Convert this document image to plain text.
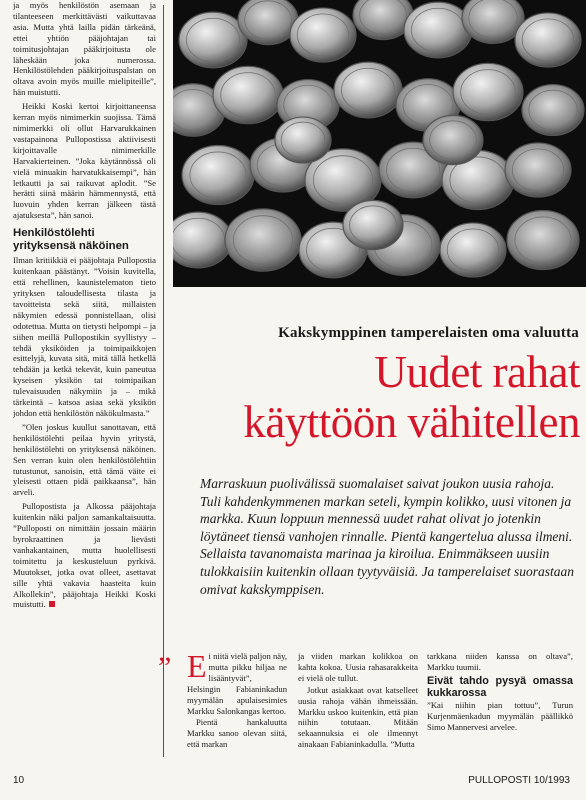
ja myös henkilöstön asemaan ja tilanteeseen merkittävästi vaikuttavaa asia. Mutta yhtä lailla pidän tärkeänä, ettei yhtiön pääjohtajan tai toimitusjohtajan pääkirjoitusta ole läheskään joka numerossa. Henkilöstölehden pääkirjoituspalstan on oltava avoin myös muille mielipiteille”, hän muistutti.

Heikki Koski kertoi kirjoittaneensa kerran myös nimimerkin suojissa. Tämä nimimerkki oli ollut Harvarukkainen vastapainona Pullopostissa aktiivisesti kirjoittavalle nimimerkille Harvakierteinen. ”Joka käytännössä oli vielä minuakin harvatukkaisempi”, hän letkautti ja sai raikuvat aplodit. ”Se herätti siinä määrin hämmennystä, että luovuin yhden kerran jälkeen tästä ajatuksesta”, hän sanoi.

Henkilöstölehti yrityksensä näköinen

Ilman kritiikkiä ei pääjohtaja Pullopostia kuitenkaan päästänyt. ”Voisin kuvitella, että rehellinen, kaunistelematon tieto yrityksen taloudellisesta tilasta ja tavoitteista sekä siitä, millaisten näkymien edessä ponnistellaan, olisi odotettua. Mutta on tietysti helpompi – ja siihen meillä Pullopostikin syyllistyy – tehdä yksiköiden ja toimipaikkojen esittelyjä, kuvata sitä, mitä tällä hetkellä tehdään ja ketkä tekevät, kuin paneutua kyseisen yksikön tai toimipaikan tulevaisuuden näkymiin ja – mikä tärkeintä – katsoa asiaa sekä yksikön johdon että henkilöstön näkökulmasta.”

”Olen joskus kuullut sanottavan, että henkilöstölehti peilaa hyvin yritystä, henkilöstölehti on yrityksensä näköinen. Sen verran kuin olen henkilöstölehtiin tutustunut, sanoisin, että tämä väite ei yleisesti ottaen pidä paikkaansa”, hän arveli.

Pullopostista ja Alkossa pääjohtaja kuitenkin näki paljon samankaltaisuutta. ”Pulloposti on nimittäin jossain määrin byrokraattinen ja lievästi vanhakantainen, mutta huolellisesti toimitettu ja keskusteluun pyrkivä. Muutokset, jotka ovat olleet, asettavat sille yhtä vakavia haasteita kuin Alkollekin”, pääjohtaja Heikki Koski muistutti.

Kakskymppinen tamperelaisten oma valuutta
Uudet rahat
käyttöön vähitellen

Marraskuun puolivälissä suomalaiset saivat joukon uusia rahoja. Tuli kahdenkymmenen markan seteli, kympin kolikko, uusi vitonen ja markka. Kuun loppuun mennessä uudet rahat olivat jo jotenkin löytäneet tiensä vanhojen rinnalle. Pientä kangertelua alussa ilmeni. Sellaista tavanomaista marinaa ja kiroilua. Enimmäkseen uusiin tulokkaisiin kuitenkin ollaan tyytyväisiä. Ja tamperelaiset suorastaan omivat kakskymppisen.

” Ei niitä vielä paljon näy, mutta pikku hiljaa ne lisääntyvät”, Helsingin Fabianinkadun myymälän apulaisesimies Markku Salonkangas kertoo.

Pientä hankaluutta Markku sanoo olevan siitä, että markan

ja viiden markan kolikkoa on kahta kokoa. Uusia rahasarakkeita ei vielä ole tullut.

Jotkut asiakkaat ovat katselleet uusia rahoja vähän ihmeissään. Markku uskoo kuitenkin, että pian niihin totutaan. Mitään sekaannuksia ei ole ilmennyt ainakaan Fabianinkadulla. ”Mutta

tarkkana niiden kanssa on oltava”, Markku tuumii.

Eivät tahdo pysyä omassa kukkarossa

”Kai niihin pian tottuu”, Turun Kurjenmäenkadun myymälän päällikkö Simo Mannervesi arvelee.

10	PULLOPOSTI 10/1993
